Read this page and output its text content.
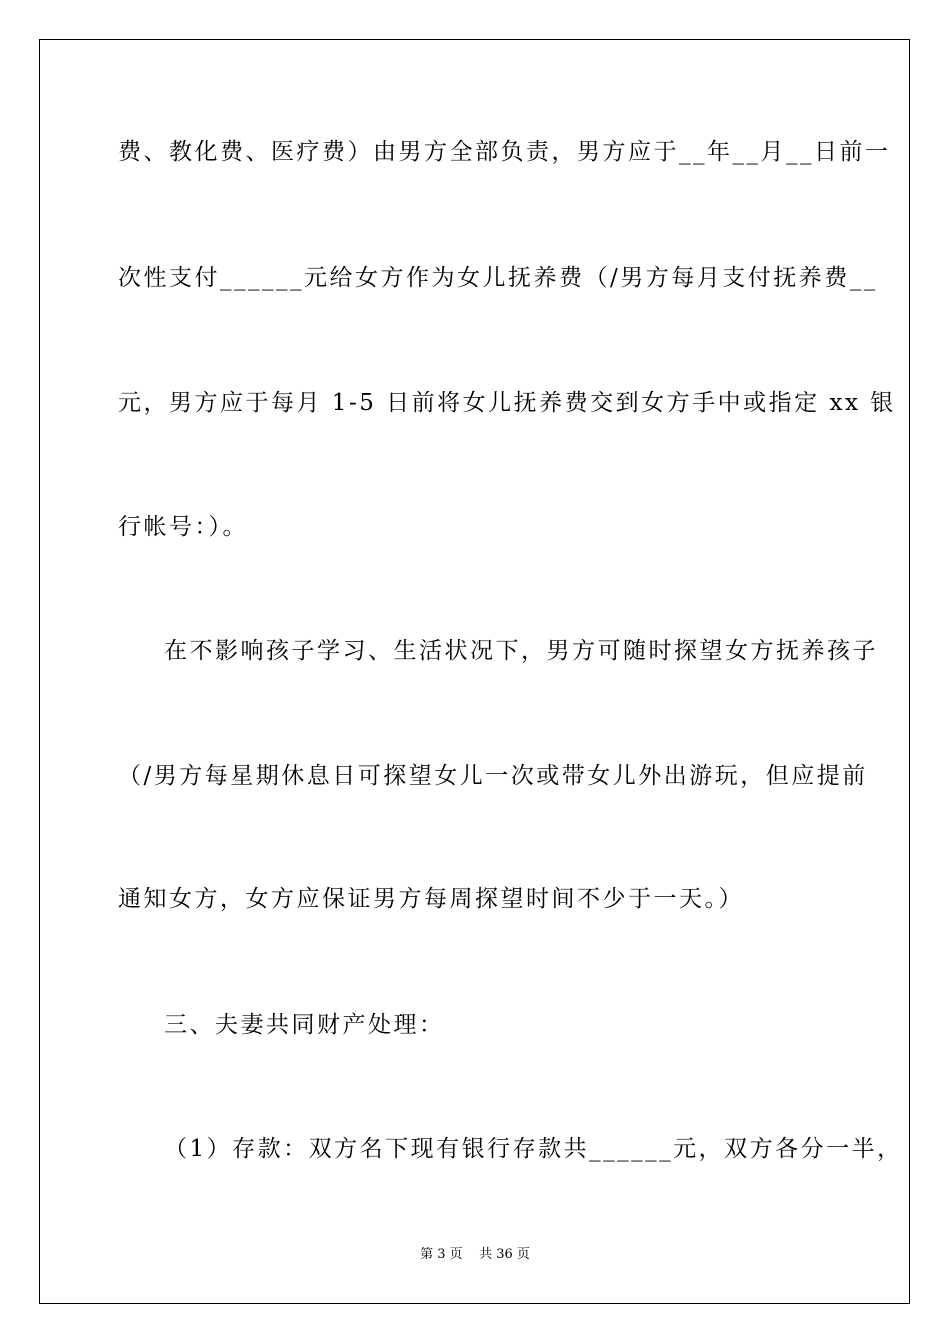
费、教化费、医疗费）由男方全部负责，男方应于__年__月__日前一
次性支付______元给女方作为女儿抚养费（/男方每月支付抚养费__
元，男方应于每月 1-5 日前将女儿抚养费交到女方手中或指定 xx 银
行帐号：）。
在不影响孩子学习、生活状况下，男方可随时探望女方抚养孩子
（/男方每星期休息日可探望女儿一次或带女儿外出游玩，但应提前
通知女方，女方应保证男方每周探望时间不少于一天。）
三、夫妻共同财产处理：
（1）存款：双方名下现有银行存款共______元，双方各分一半，
第 3 页    共 36 页
